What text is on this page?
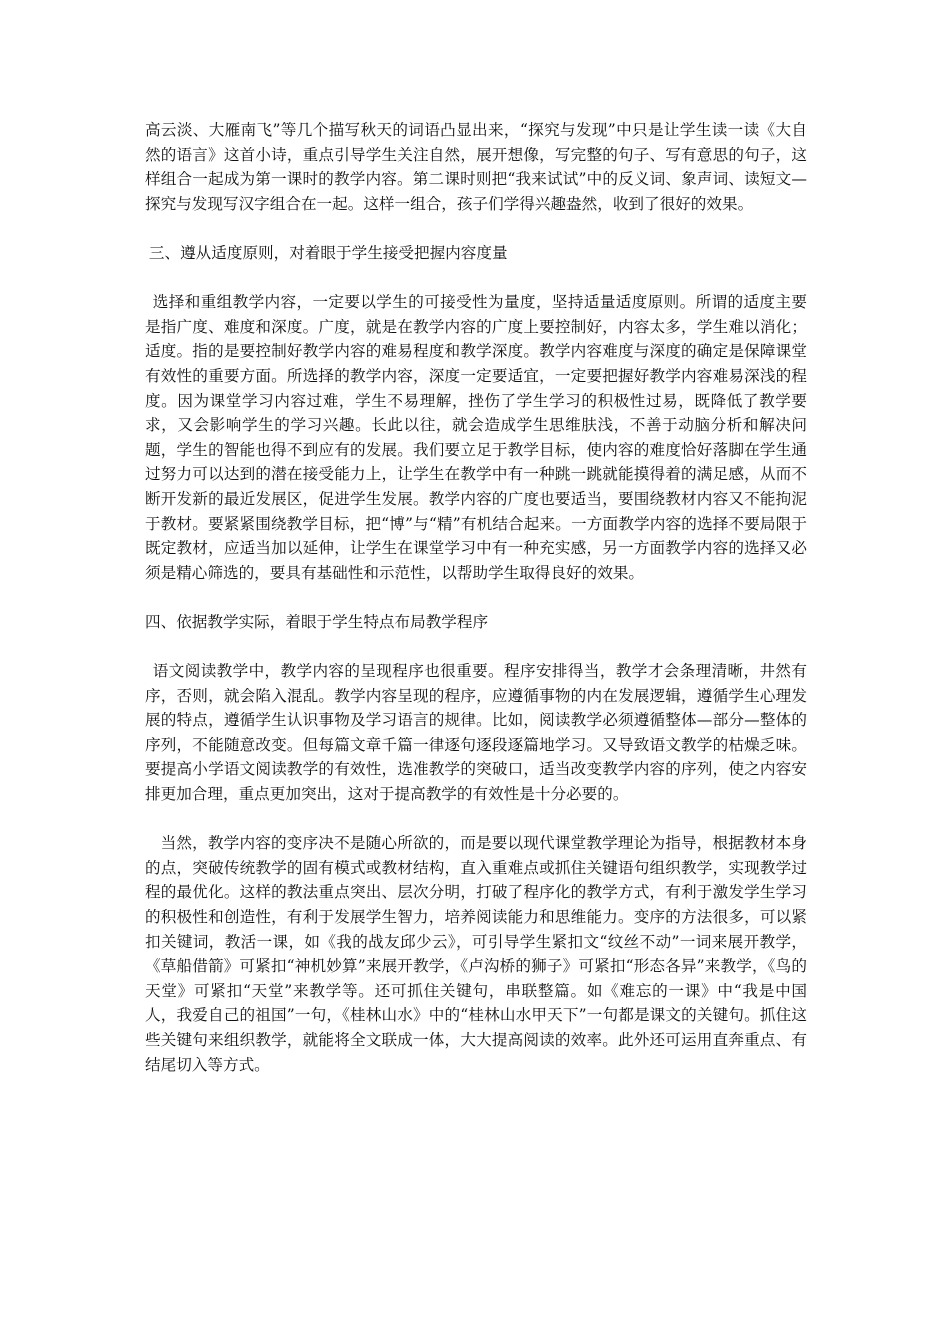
高云淡、大雁南飞”等几个描写秋天的词语凸显出来，“探究与发现”中只是让学生读一读《大自然的语言》这首小诗，重点引导学生关注自然，展开想像，写完整的句子、写有意思的句子，这样组合一起成为第一课时的教学内容。第二课时则把“我来试试”中的反义词、象声词、读短文—探究与发现写汉字组合在一起。这样一组合，孩子们学得兴趣盎然，收到了很好的效果。

三、遵从适度原则，对着眼于学生接受把握内容度量

选择和重组教学内容，一定要以学生的可接受性为量度，坚持适量适度原则。所谓的适度主要是指广度、难度和深度。广度，就是在教学内容的广度上要控制好，内容太多，学生难以消化；适度。指的是要控制好教学内容的难易程度和教学深度。教学内容难度与深度的确定是保障课堂有效性的重要方面。所选择的教学内容，深度一定要适宜，一定要把握好教学内容难易深浅的程度。因为课堂学习内容过难，学生不易理解，挫伤了学生学习的积极性过易，既降低了教学要求，又会影响学生的学习兴趣。长此以往，就会造成学生思维肤浅，不善于动脑分析和解决问题，学生的智能也得不到应有的发展。我们要立足于教学目标，使内容的难度恰好落脚在学生通过努力可以达到的潜在接受能力上，让学生在教学中有一种跳一跳就能摸得着的满足感，从而不断开发新的最近发展区，促进学生发展。教学内容的广度也要适当，要围绕教材内容又不能拘泥于教材。要紧紧围绕教学目标，把“博”与“精”有机结合起来。一方面教学内容的选择不要局限于既定教材，应适当加以延伸，让学生在课堂学习中有一种充实感，另一方面教学内容的选择又必须是精心筛选的，要具有基础性和示范性，以帮助学生取得良好的效果。

四、依据教学实际，着眼于学生特点布局教学程序

语文阅读教学中，教学内容的呈现程序也很重要。程序安排得当，教学才会条理清晰，井然有序，否则，就会陷入混乱。教学内容呈现的程序，应遵循事物的内在发展逻辑，遵循学生心理发展的特点，遵循学生认识事物及学习语言的规律。比如，阅读教学必须遵循整体—部分—整体的序列，不能随意改变。但每篇文章千篇一律逐句逐段逐篇地学习。又导致语文教学的枯燥乏味。要提高小学语文阅读教学的有效性，选准教学的突破口，适当改变教学内容的序列，使之内容安排更加合理，重点更加突出，这对于提高教学的有效性是十分必要的。

当然，教学内容的变序决不是随心所欲的，而是要以现代课堂教学理论为指导，根据教材本身的点，突破传统教学的固有模式或教材结构，直入重难点或抓住关键语句组织教学，实现教学过程的最优化。这样的教法重点突出、层次分明，打破了程序化的教学方式，有利于激发学生学习的积极性和创造性，有利于发展学生智力，培养阅读能力和思维能力。变序的方法很多，可以紧扣关键词，教活一课，如《我的战友邱少云》，可引导学生紧扣文“纹丝不动”一词来展开教学，《草船借箭》可紧扣“神机妙算”来展开教学，《卢沟桥的狮子》可紧扣“形态各异”来教学，《鸟的天堂》可紧扣“天堂”来教学等。还可抓住关键句，串联整篇。如《难忘的一课》中“我是中国人，我爱自己的祖国”一句，《桂林山水》中的“桂林山水甲天下”一句都是课文的关键句。抓住这些关键句来组织教学，就能将全文联成一体，大大提高阅读的效率。此外还可运用直奔重点、有结尾切入等方式。
